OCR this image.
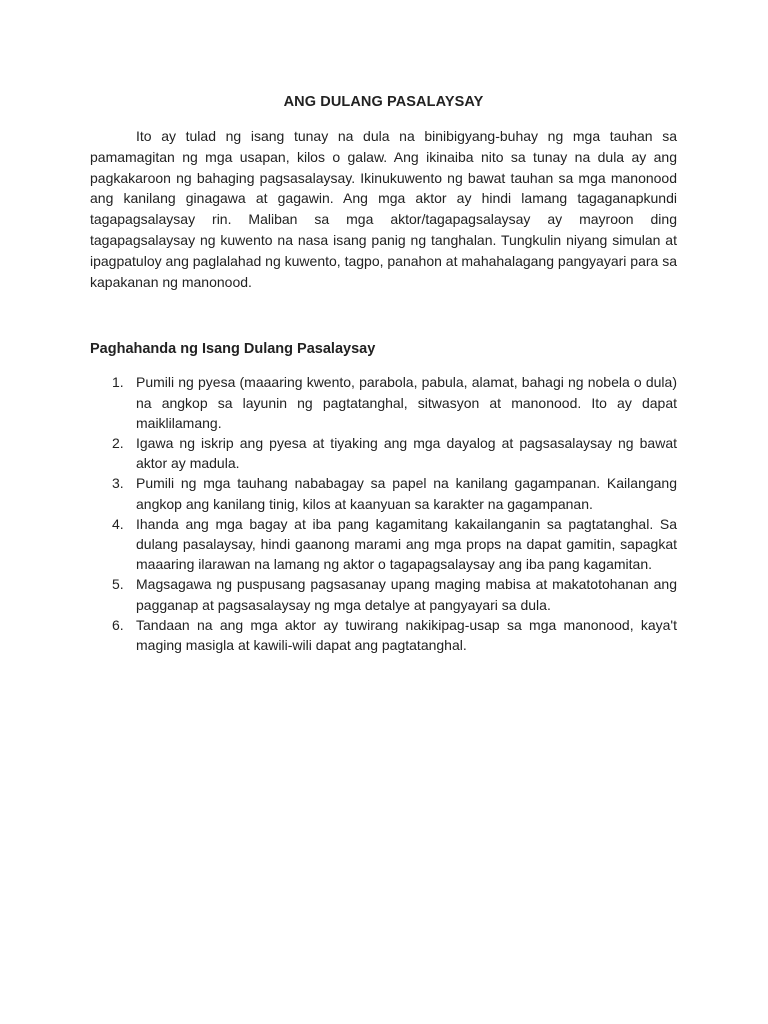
ANG DULANG PASALAYSAY

Ito ay tulad ng isang tunay na dula na binibigyang-buhay ng mga tauhan sa pamamagitan ng mga usapan, kilos o galaw. Ang ikinaiba nito sa tunay na dula ay ang pagkakaroon ng bahaging pagsasalaysay. Ikinukuwento ng bawat tauhan sa mga manonood ang kanilang ginagawa at gagawin. Ang mga aktor ay hindi lamang tagaganapkundi tagapagsalaysay rin. Maliban sa mga aktor/tagapagsalaysay ay mayroon ding tagapagsalaysay ng kuwento na nasa isang panig ng tanghalan. Tungkulin niyang simulan at ipagpatuloy ang paglalahad ng kuwento, tagpo, panahon at mahahalagang pangyayari para sa kapakanan ng manonood.

Paghahanda ng Isang Dulang Pasalaysay
1. Pumili ng pyesa (maaaring kwento, parabola, pabula, alamat, bahagi ng nobela o dula) na angkop sa layunin ng pagtatanghal, sitwasyon at manonood. Ito ay dapat maiklilamang.
2. Igawa ng iskrip ang pyesa at tiyaking ang mga dayalog at pagsasalaysay ng bawat aktor ay madula.
3. Pumili ng mga tauhang nababagay sa papel na kanilang gagampanan. Kailangang angkop ang kanilang tinig, kilos at kaanyuan sa karakter na gagampanan.
4. Ihanda ang mga bagay at iba pang kagamitang kakailanganin sa pagtatanghal. Sa dulang pasalaysay, hindi gaanong marami ang mga props na dapat gamitin, sapagkat maaaring ilarawan na lamang ng aktor o tagapagsalaysay ang iba pang kagamitan.
5. Magsagawa ng puspusang pagsasanay upang maging mabisa at makatotohanan ang pagganap at pagsasalaysay ng mga detalye at pangyayari sa dula.
6. Tandaan na ang mga aktor ay tuwirang nakikipag-usap sa mga manonood, kaya't maging masigla at kawili-wili dapat ang pagtatanghal.
